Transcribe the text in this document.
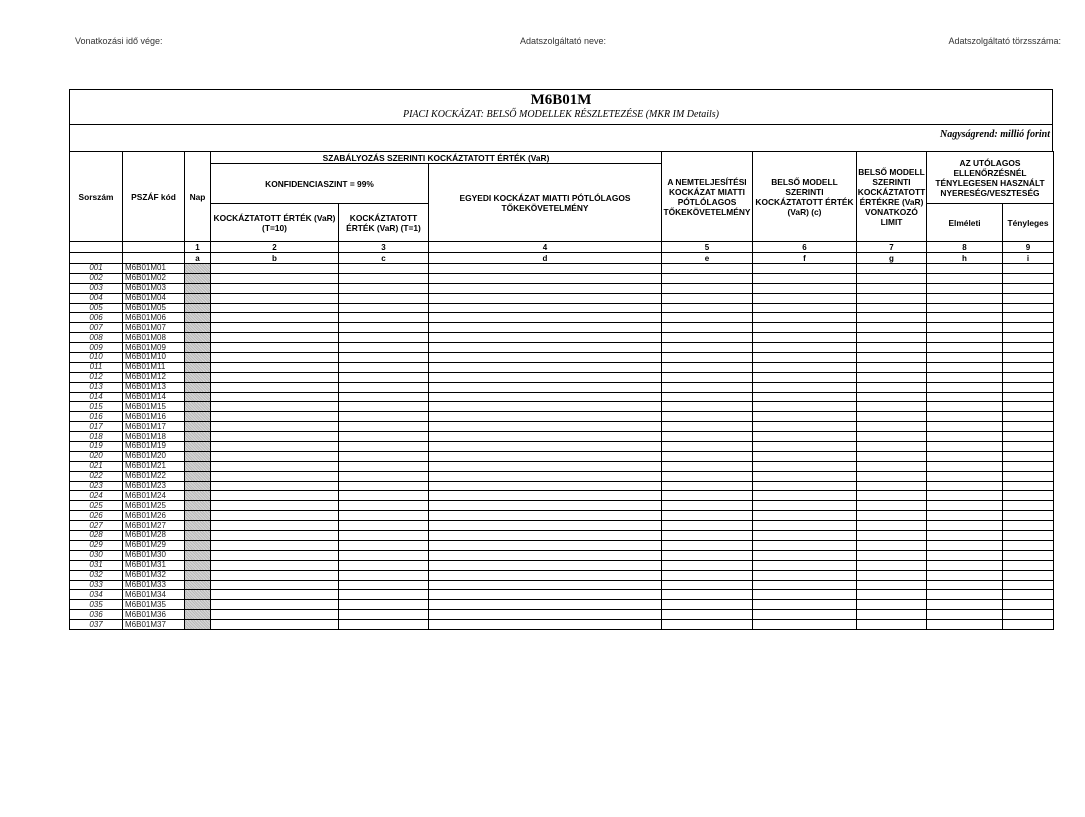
Vonatkozási idő vége:	Adatszolgáltató neve:	Adatszolgáltató törzsszáma:
M6B01M
PIACI KOCKÁZAT: BELSŐ MODELLEK RÉSZLETEZÉSE (MKR IM Details)
Nagyságrend: millió forint
Sorszám	PSZÁF kód	Nap	SZABÁLYOZÁS SZERINTI KOCKÁZTATOTT ÉRTÉK (VaR)			A NEMTELJESÍTÉSI KOCKÁZAT MIATTI PÓTLÓLAGOS TŐKEKÖVETELMÉNY	BELSŐ MODELL SZERINTI KOCKÁZTATOTT ÉRTÉK (VaR) (c)	BELSŐ MODELL SZERINTI KOCKÁZTATOTT ÉRTÉKRE (VaR) VONATKOZÓ LIMIT	AZ UTÓLAGOS ELLENŐRZÉSNÉL TÉNYLEGESEN HASZNÁLT NYERESÉG/VESZTESÉG	
			KONFIDENCIASZINT = 99%		EGYEDI KOCKÁZAT MIATTI PÓTLÓLAGOS TŐKEKÖVETELMÉNY						
			KOCKÁZTATOTT ÉRTÉK (VaR) (T=10)	KOCKÁZTATOTT ÉRTÉK (VaR) (T=1)					Elméleti	Tényleges	
		1	2	3	4	5	6	7	8	9	
		a	b	c	d	e	f	g	h	i	
001	M6B01M01										
002	M6B01M02										
003	M6B01M03										
004	M6B01M04										
005	M6B01M05										
006	M6B01M06										
007	M6B01M07										
008	M6B01M08										
009	M6B01M09										
010	M6B01M10										
011	M6B01M11										
012	M6B01M12										
013	M6B01M13										
014	M6B01M14										
015	M6B01M15										
016	M6B01M16										
017	M6B01M17										
018	M6B01M18										
019	M6B01M19										
020	M6B01M20										
021	M6B01M21										
022	M6B01M22										
023	M6B01M23										
024	M6B01M24										
025	M6B01M25										
026	M6B01M26										
027	M6B01M27										
028	M6B01M28										
029	M6B01M29										
030	M6B01M30										
031	M6B01M31										
032	M6B01M32										
033	M6B01M33										
034	M6B01M34										
035	M6B01M35										
036	M6B01M36										
037	M6B01M37										
